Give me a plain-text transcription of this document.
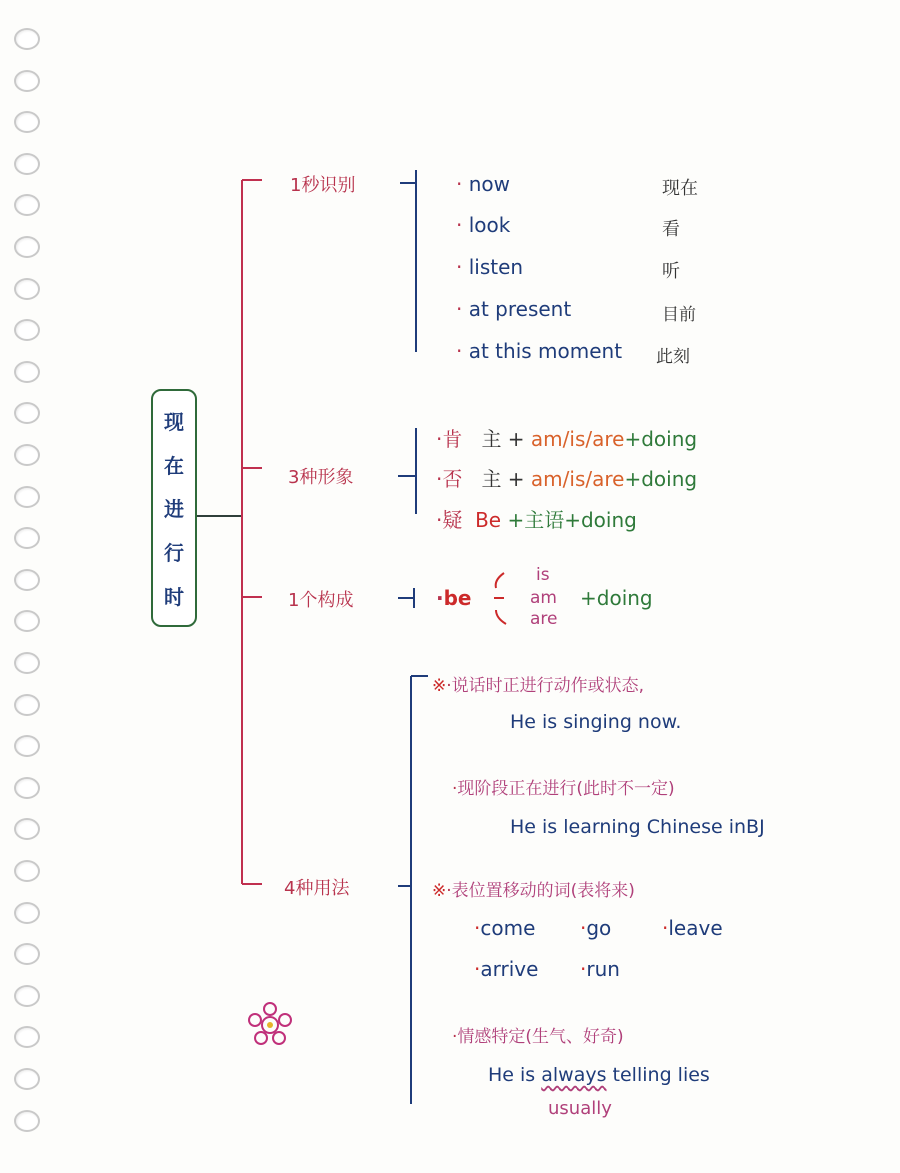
现
在
进
行
时
1秒识别
3种形象
1个构成
4种用法
· now	现在
· look	看
· listen	听
· at present	目前
· at this moment 此刻
·肯 主 + am/is/are+doing
·否 主 + am/is/are+doing
·疑 Be +主语+doing
·be
is
am
are
+doing
※·说话时正进行动作或状态,
He is singing now.
·现阶段正在进行(此时不一定)
He is learning Chinese inBJ
※·表位置移动的词(表将来)
·come ·go	·leave
·arrive ·run
·情感特定(生气、好奇)
He is always telling lies
usually
